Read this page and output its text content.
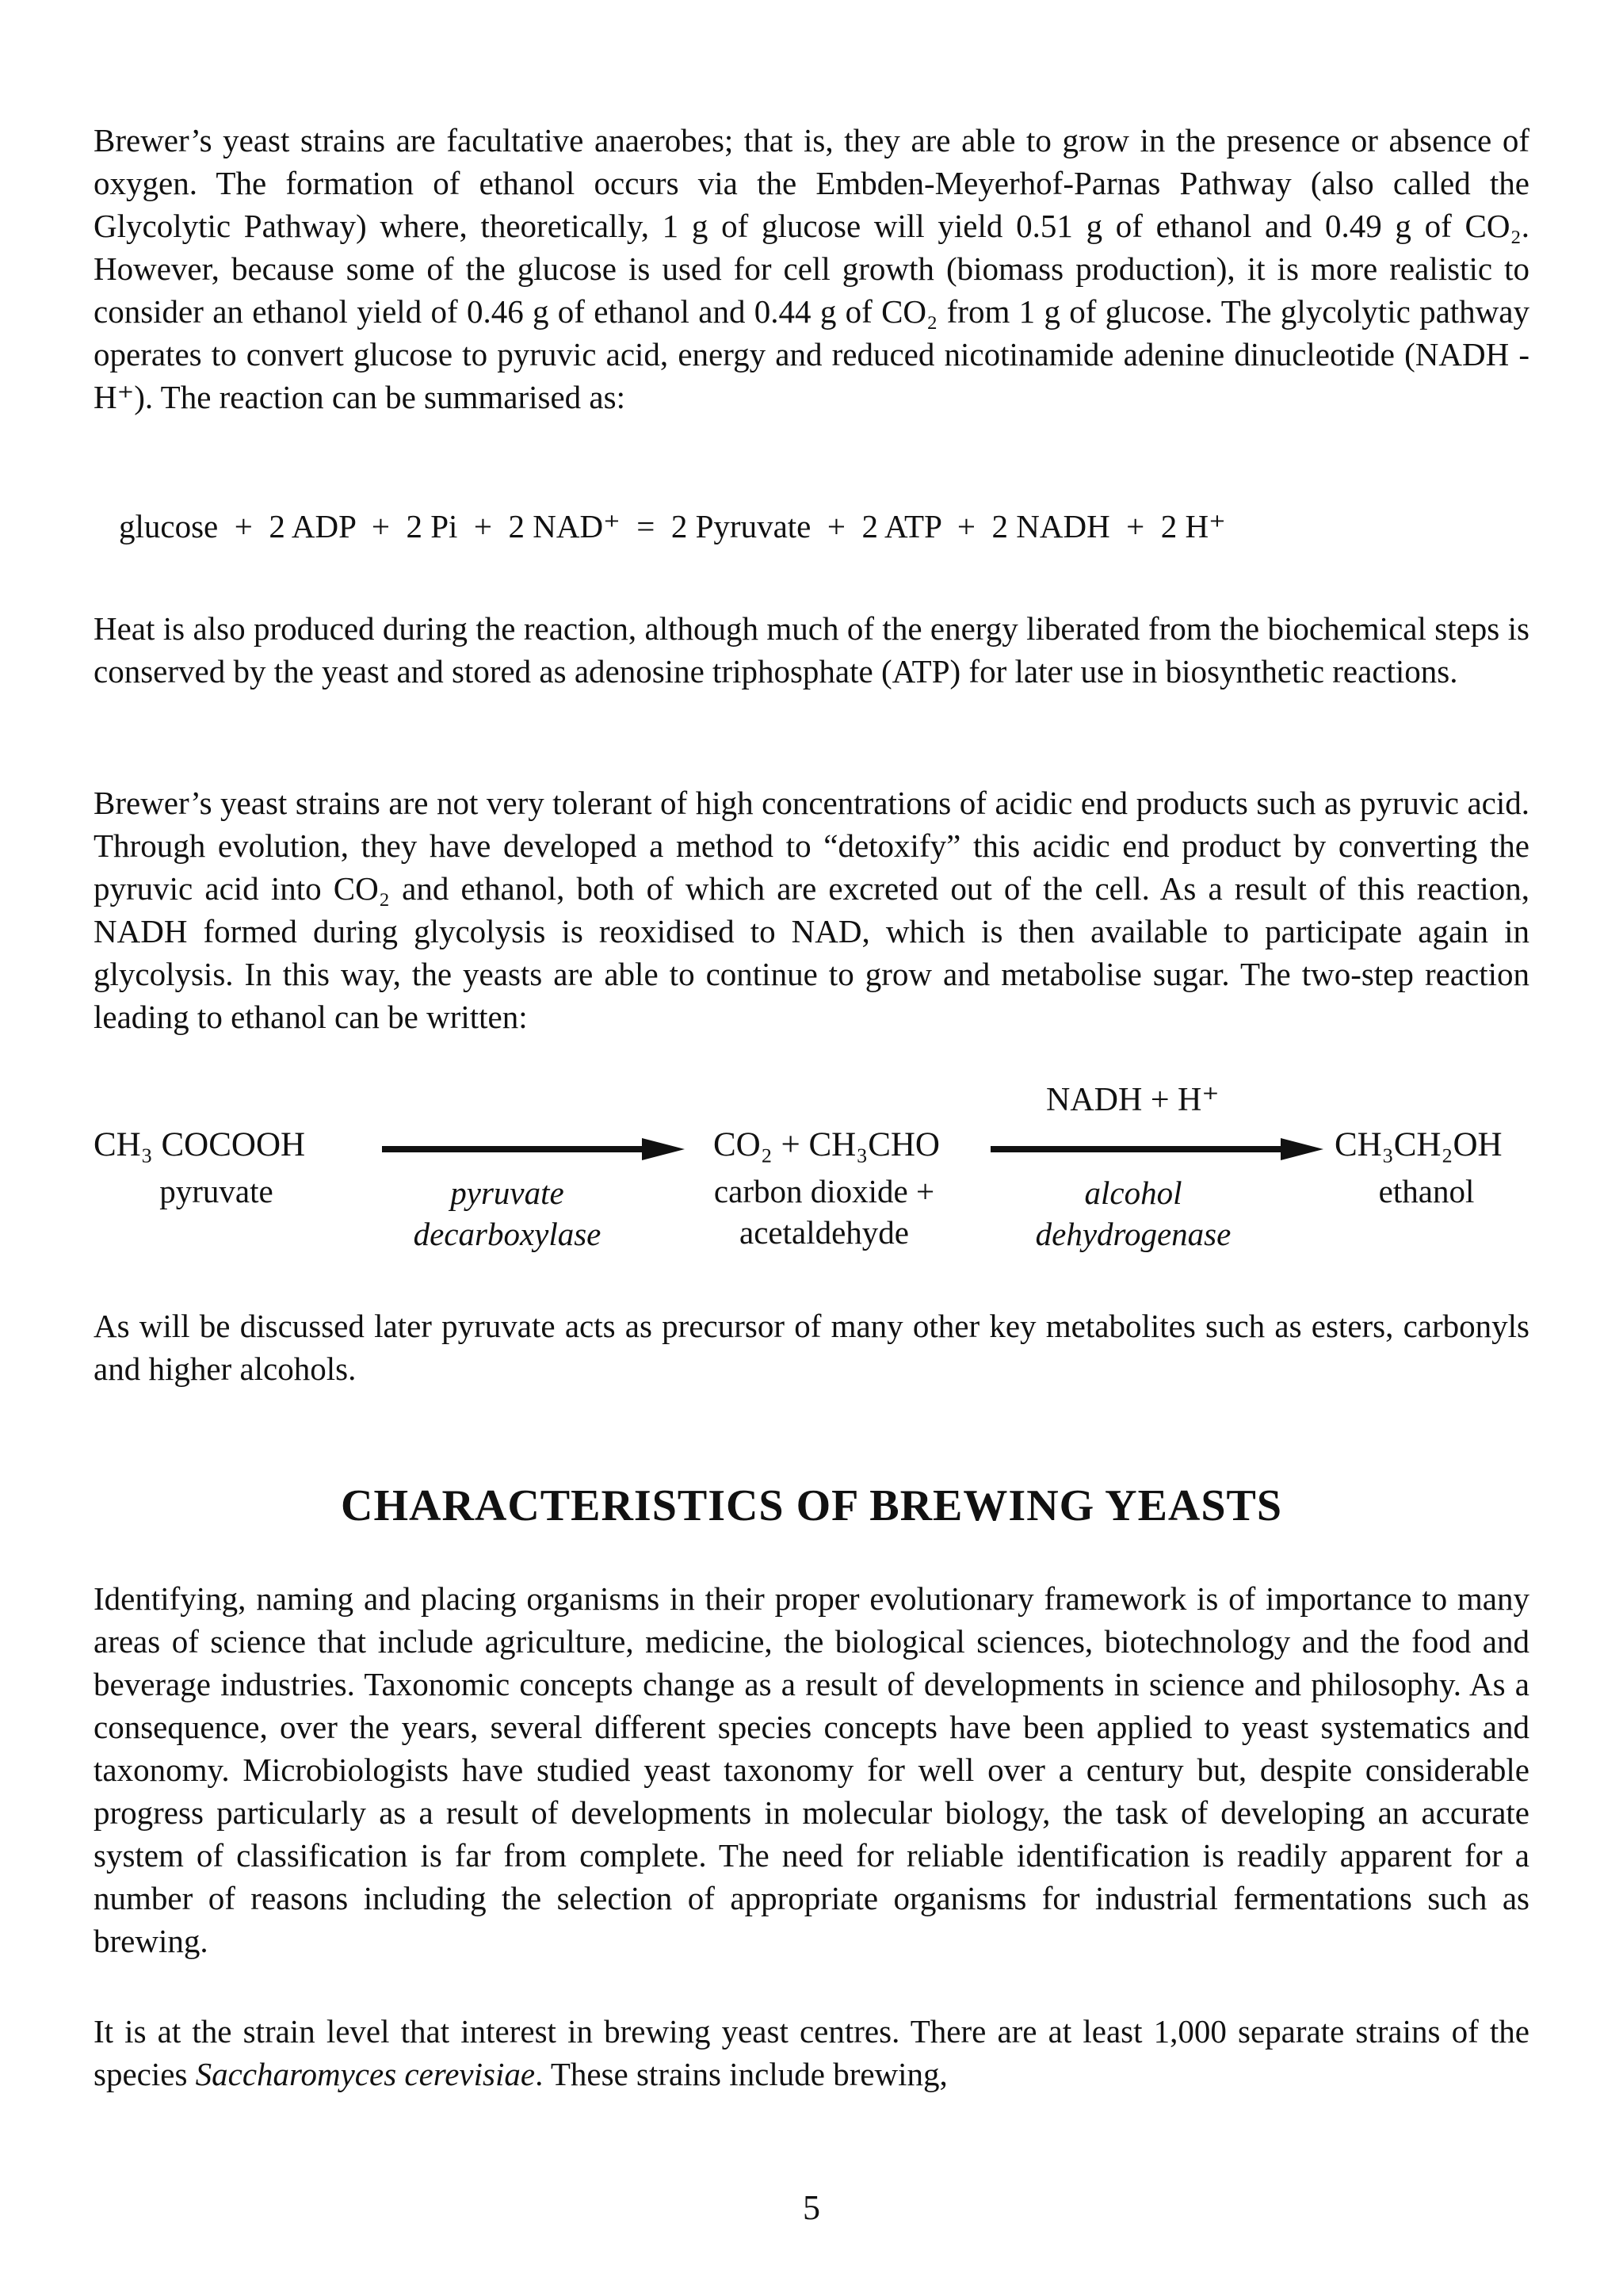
Brewer’s yeast strains are facultative anaerobes; that is, they are able to grow in the presence or absence of oxygen. The formation of ethanol occurs via the Embden-Meyerhof-Parnas Pathway (also called the Glycolytic Pathway) where, theoretically, 1 g of glucose will yield 0.51 g of ethanol and 0.49 g of CO₂. However, because some of the glucose is used for cell growth (biomass production), it is more realistic to consider an ethanol yield of 0.46 g of ethanol and 0.44 g of CO₂ from 1 g of glucose. The glycolytic pathway operates to convert glucose to pyruvic acid, energy and reduced nicotinamide adenine dinucleotide (NADH - H⁺). The reaction can be summarised as:

glucose  +  2 ADP  +  2 Pi  +  2 NAD⁺  =  2 Pyruvate  +  2 ATP  +  2 NADH  +  2 H⁺

Heat is also produced during the reaction, although much of the energy liberated from the biochemical steps is conserved by the yeast and stored as adenosine triphosphate (ATP) for later use in biosynthetic reactions.

Brewer’s yeast strains are not very tolerant of high concentrations of acidic end products such as pyruvic acid. Through evolution, they have developed a method to “detoxify” this acidic end product by converting the pyruvic acid into CO₂ and ethanol, both of which are excreted out of the cell. As a result of this reaction, NADH formed during glycolysis is reoxidised to NAD, which is then available to participate again in glycolysis. In this way, the yeasts are able to continue to grow and metabolise sugar. The two-step reaction leading to ethanol can be written:

CH₃ COCOOH
pyruvate	pyruvate
decarboxylase
CO₂ + CH₃CHO
carbon dioxide +
acetaldehyde
NADH + H⁺
alcohol
dehydrogenase
CH₃CH₂OH
ethanol

As will be discussed later pyruvate acts as precursor of many other key metabolites such as esters, carbonyls and higher alcohols.

CHARACTERISTICS OF BREWING YEASTS

Identifying, naming and placing organisms in their proper evolutionary framework is of importance to many areas of science that include agriculture, medicine, the biological sciences, biotechnology and the food and beverage industries. Taxonomic concepts change as a result of developments in science and philosophy. As a consequence, over the years, several different species concepts have been applied to yeast systematics and taxonomy. Microbiologists have studied yeast taxonomy for well over a century but, despite considerable progress particularly as a result of developments in molecular biology, the task of developing an accurate system of classification is far from complete. The need for reliable identification is readily apparent for a number of reasons including the selection of appropriate organisms for industrial fermentations such as brewing.

It is at the strain level that interest in brewing yeast centres. There are at least 1,000 separate strains of the species Saccharomyces cerevisiae. These strains include brewing,

5
